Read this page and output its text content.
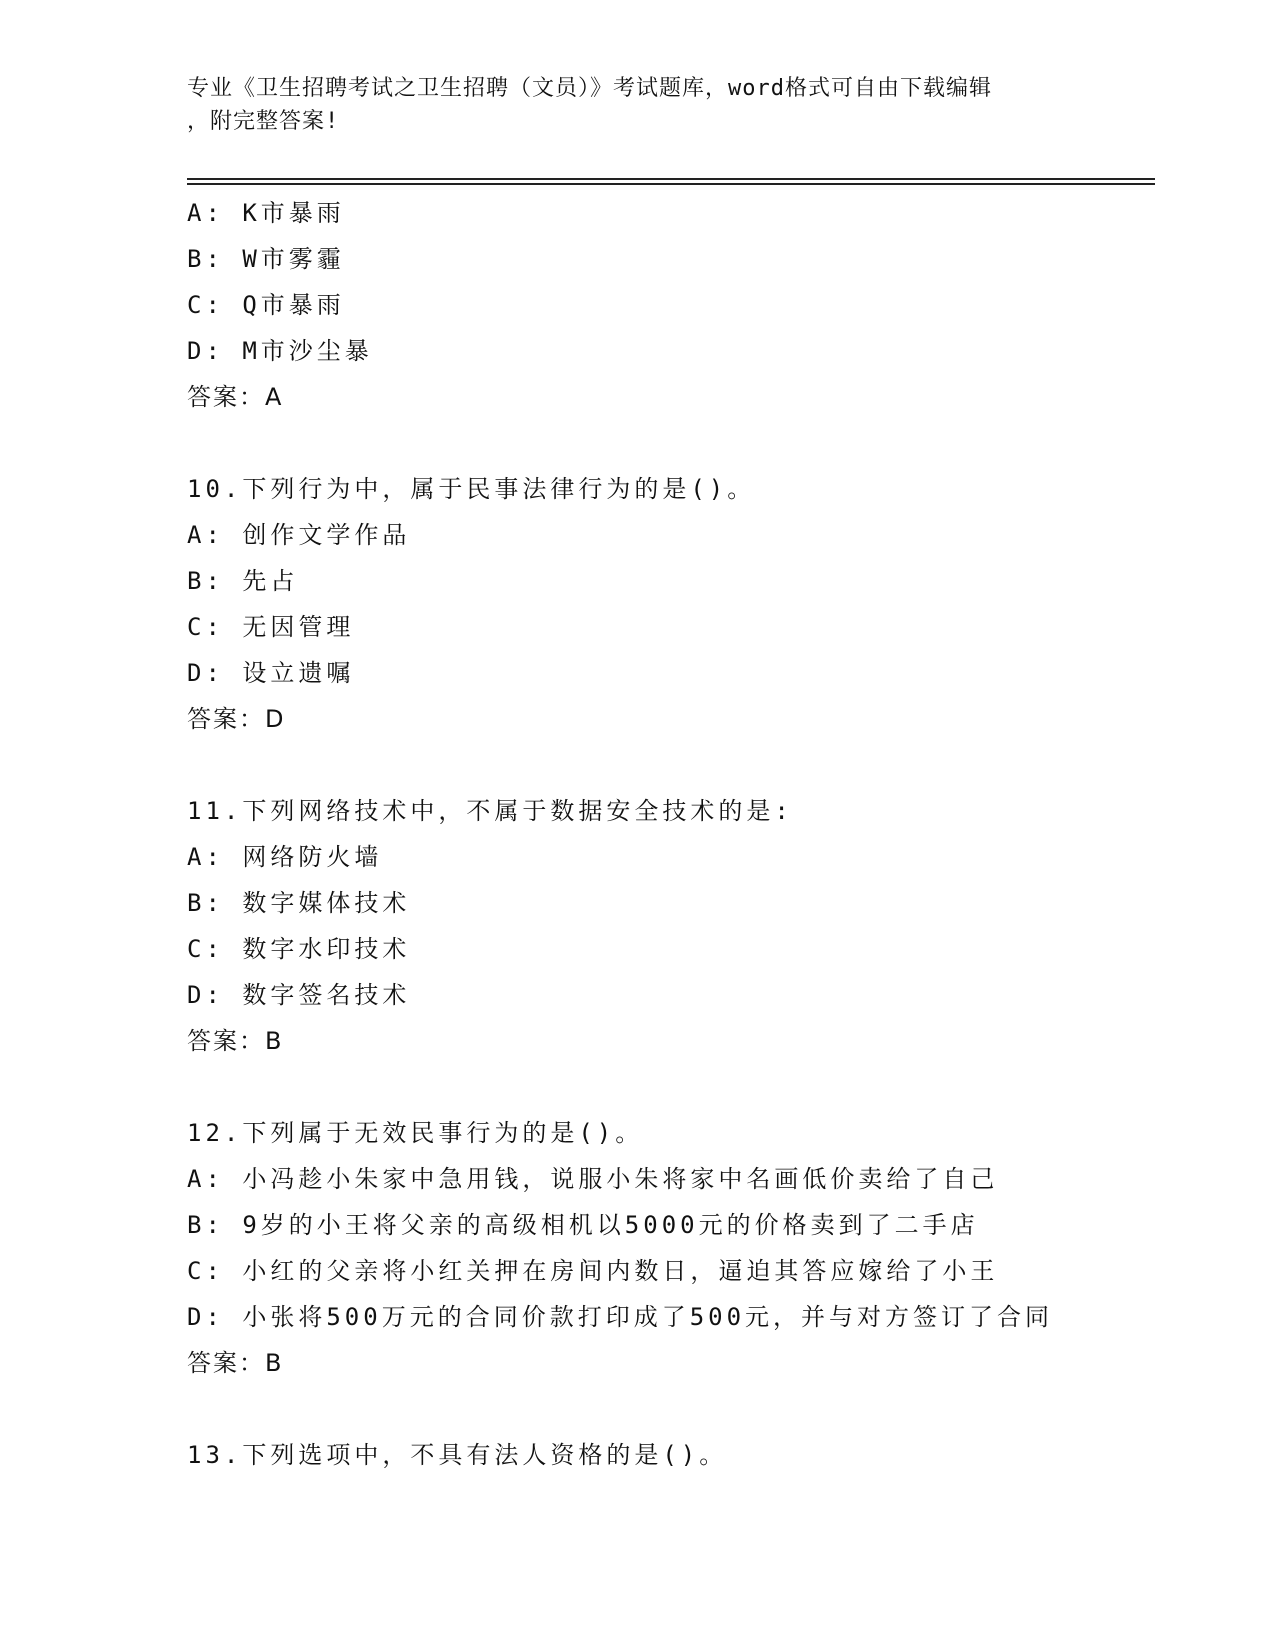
专业《卫生招聘考试之卫生招聘（文员）》考试题库，word格式可自由下载编辑
，附完整答案!
A: K市暴雨
B: W市雾霾
C: Q市暴雨
D: M市沙尘暴
答案：A
10.下列行为中，属于民事法律行为的是()。
A: 创作文学作品
B: 先占
C: 无因管理
D: 设立遗嘱
答案：D
11.下列网络技术中，不属于数据安全技术的是:
A: 网络防火墙
B: 数字媒体技术
C: 数字水印技术
D: 数字签名技术
答案：B
12.下列属于无效民事行为的是()。
A: 小冯趁小朱家中急用钱，说服小朱将家中名画低价卖给了自己
B: 9岁的小王将父亲的高级相机以5000元的价格卖到了二手店
C: 小红的父亲将小红关押在房间内数日，逼迫其答应嫁给了小王
D: 小张将500万元的合同价款打印成了500元，并与对方签订了合同
答案：B
13.下列选项中，不具有法人资格的是()。
